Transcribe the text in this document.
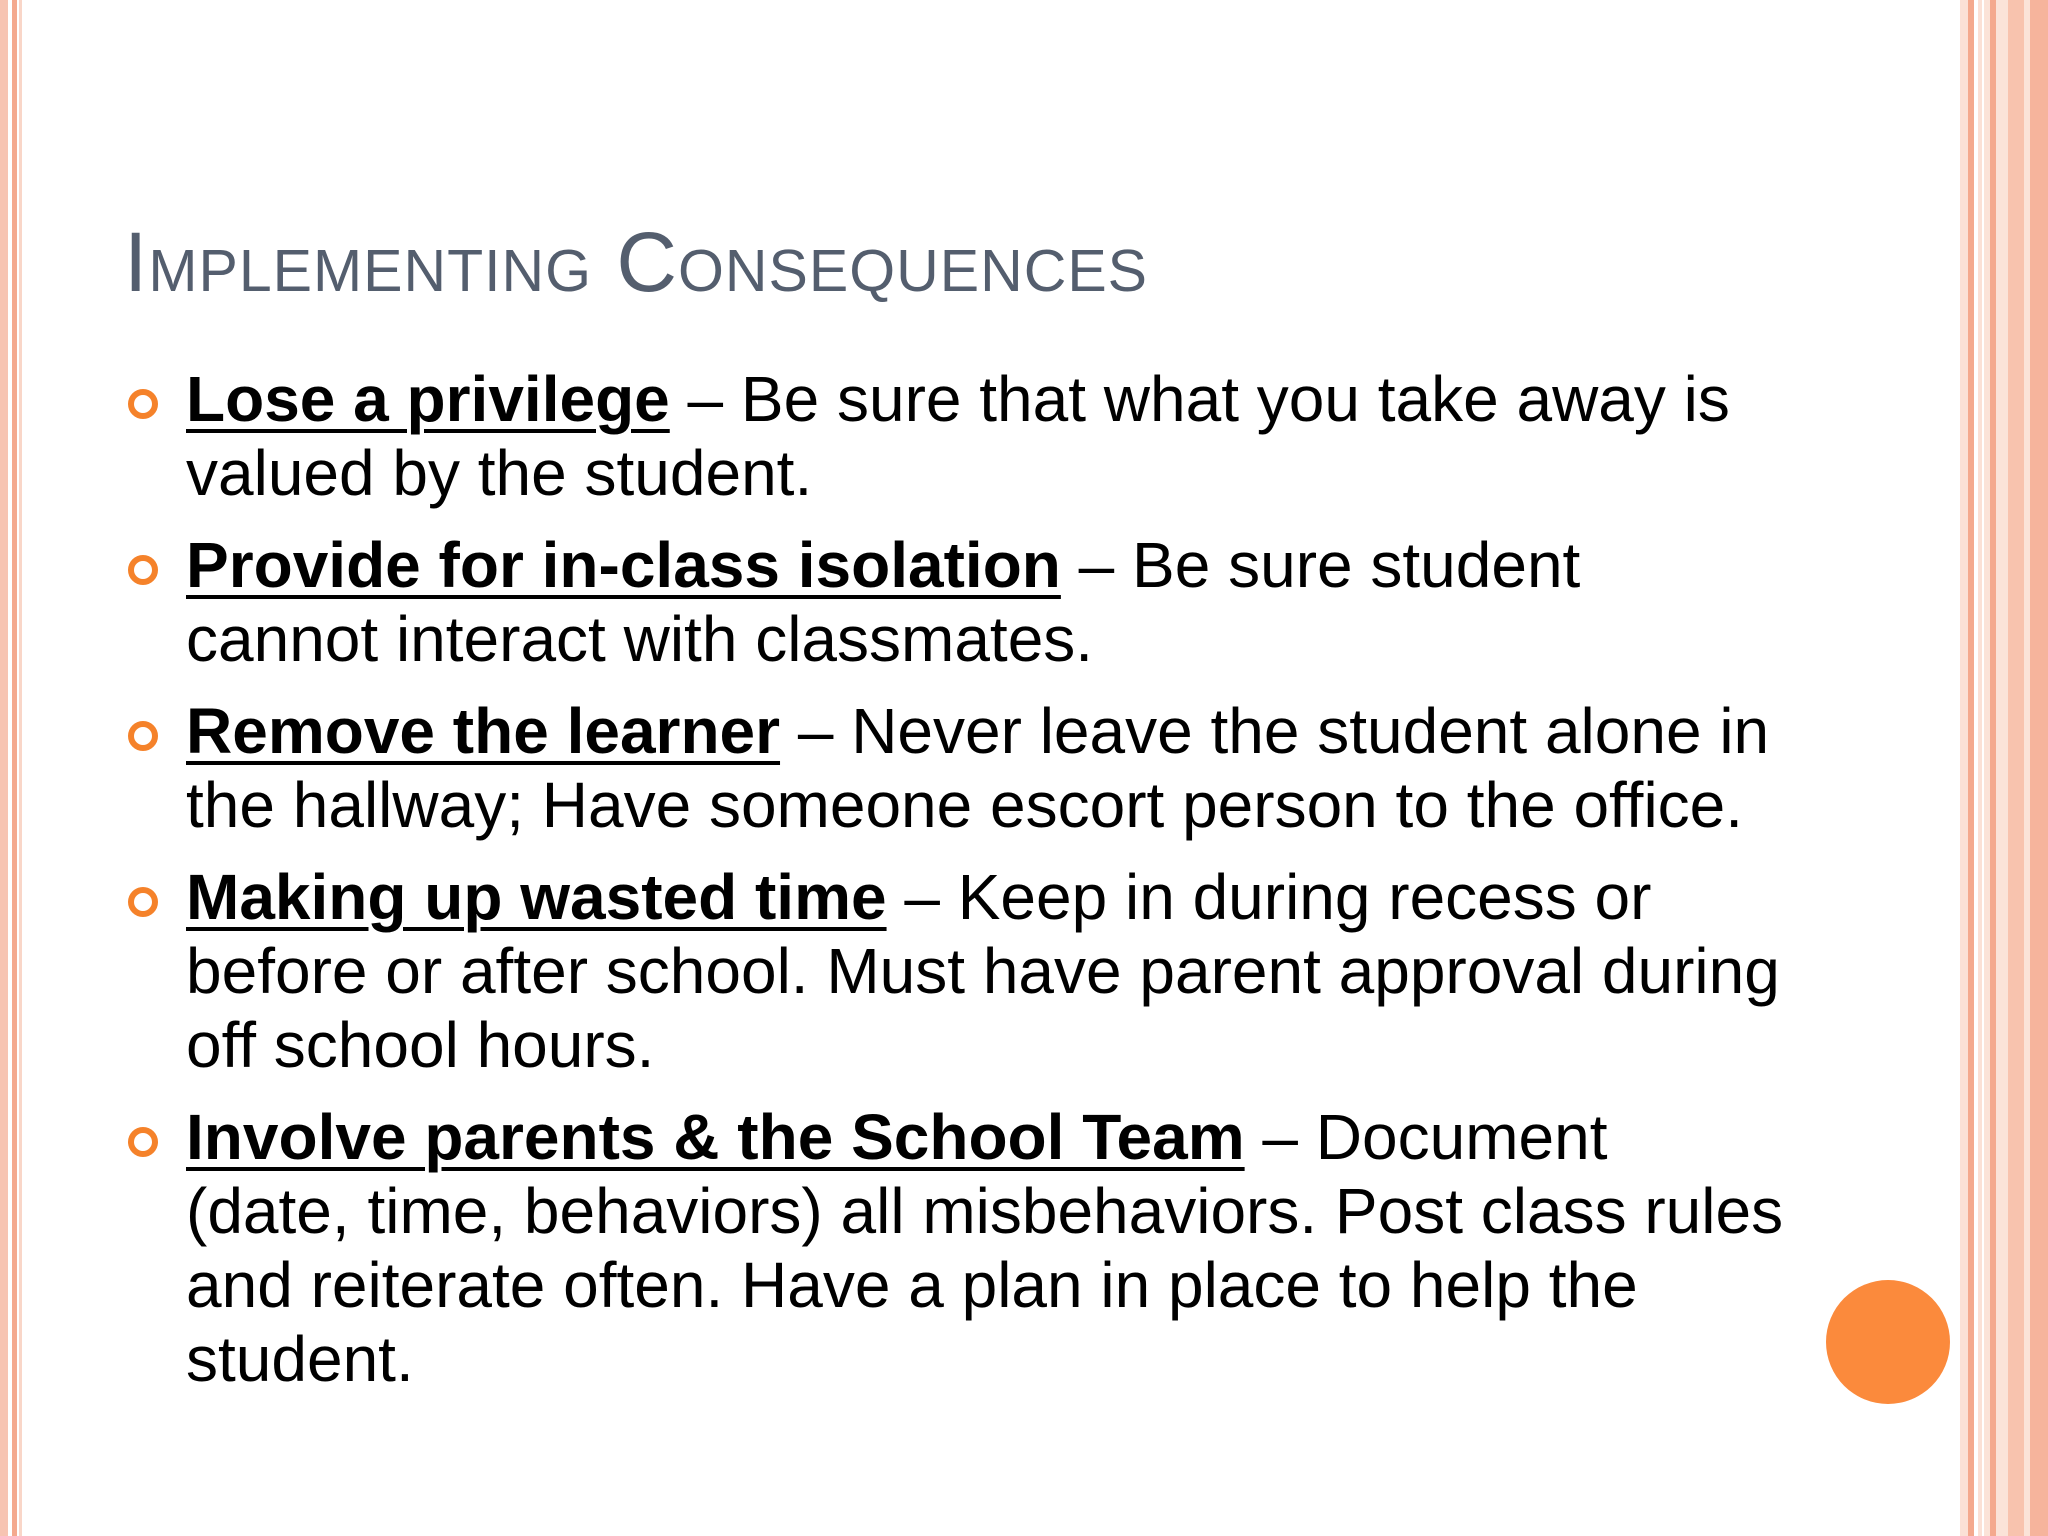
Implementing Consequences
Lose a privilege – Be sure that what you take away is valued by the student.
Provide for in-class isolation – Be sure student cannot interact with classmates.
Remove the learner – Never leave the student alone in the hallway; Have someone escort person to the office.
Making up wasted time – Keep in during recess or before or after school. Must have parent approval during off school hours.
Involve parents & the School Team – Document (date, time, behaviors) all misbehaviors. Post class rules and reiterate often. Have a plan in place to help the student.
